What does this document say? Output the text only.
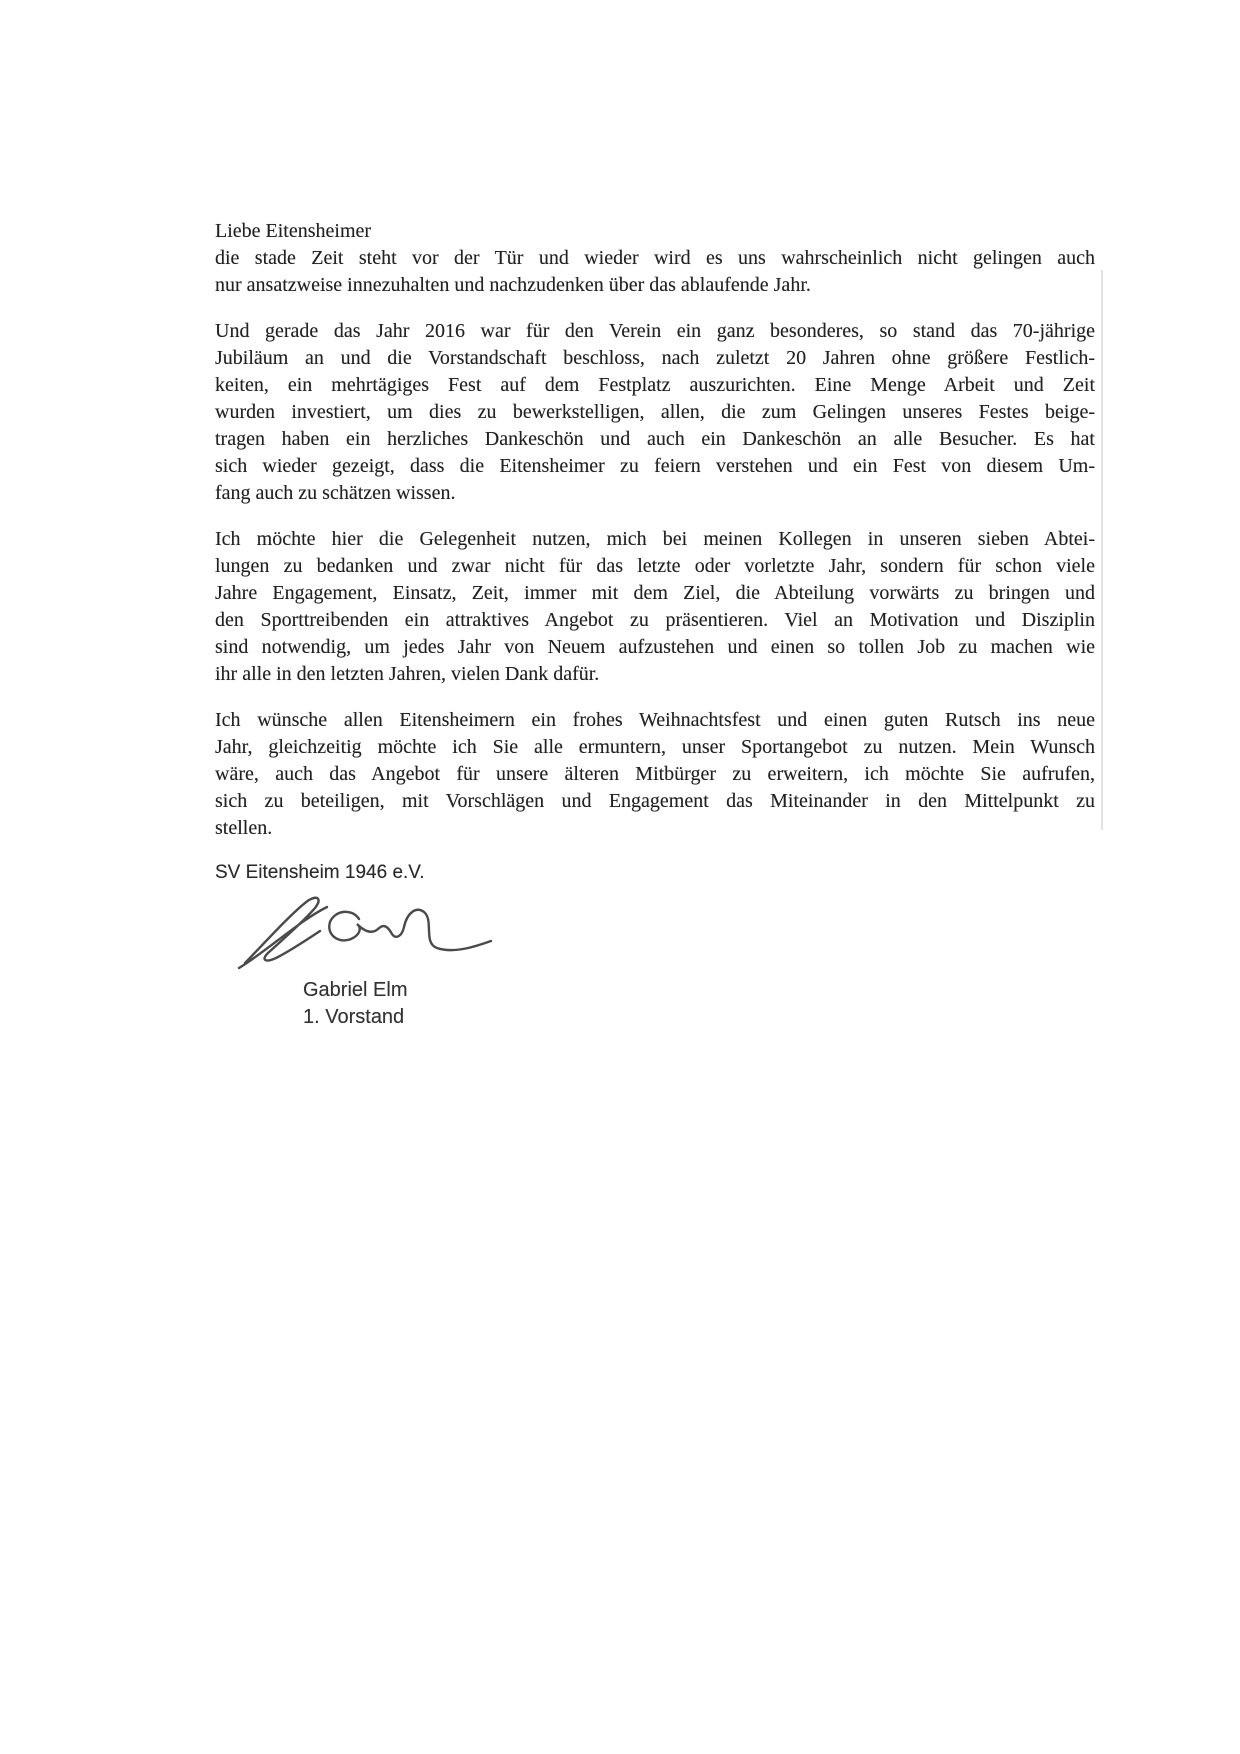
Liebe Eitensheimer
die stade Zeit steht vor der Tür und wieder wird es uns wahrscheinlich nicht gelingen auch
nur ansatzweise innezuhalten und nachzudenken über das ablaufende Jahr.
Und gerade das Jahr 2016 war für den Verein ein ganz besonderes, so stand das 70-jährige
Jubiläum an und die Vorstandschaft beschloss, nach zuletzt 20 Jahren ohne größere Festlich-
keiten, ein mehrtägiges Fest auf dem Festplatz auszurichten. Eine Menge Arbeit und Zeit
wurden investiert, um dies zu bewerkstelligen, allen, die zum Gelingen unseres Festes beige-
tragen haben ein herzliches Dankeschön und auch ein Dankeschön an alle Besucher. Es hat
sich wieder gezeigt, dass die Eitensheimer zu feiern verstehen und ein Fest von diesem Um-
fang auch zu schätzen wissen.
Ich möchte hier die Gelegenheit nutzen, mich bei meinen Kollegen in unseren sieben Abtei-
lungen zu bedanken und zwar nicht für das letzte oder vorletzte Jahr, sondern für schon viele
Jahre Engagement, Einsatz, Zeit, immer mit dem Ziel, die Abteilung vorwärts zu bringen und
den Sporttreibenden ein attraktives Angebot zu präsentieren. Viel an Motivation und Disziplin
sind notwendig, um jedes Jahr von Neuem aufzustehen und einen so tollen Job zu machen wie
ihr alle in den letzten Jahren, vielen Dank dafür.
Ich wünsche allen Eitensheimern ein frohes Weihnachtsfest und einen guten Rutsch ins neue
Jahr, gleichzeitig möchte ich Sie alle ermuntern, unser Sportangebot zu nutzen. Mein Wunsch
wäre, auch das Angebot für unsere älteren Mitbürger zu erweitern, ich möchte Sie aufrufen,
sich zu beteiligen, mit Vorschlägen und Engagement das Miteinander in den Mittelpunkt zu
stellen.
SV Eitensheim 1946 e.V.
Gabriel Elm
1. Vorstand
